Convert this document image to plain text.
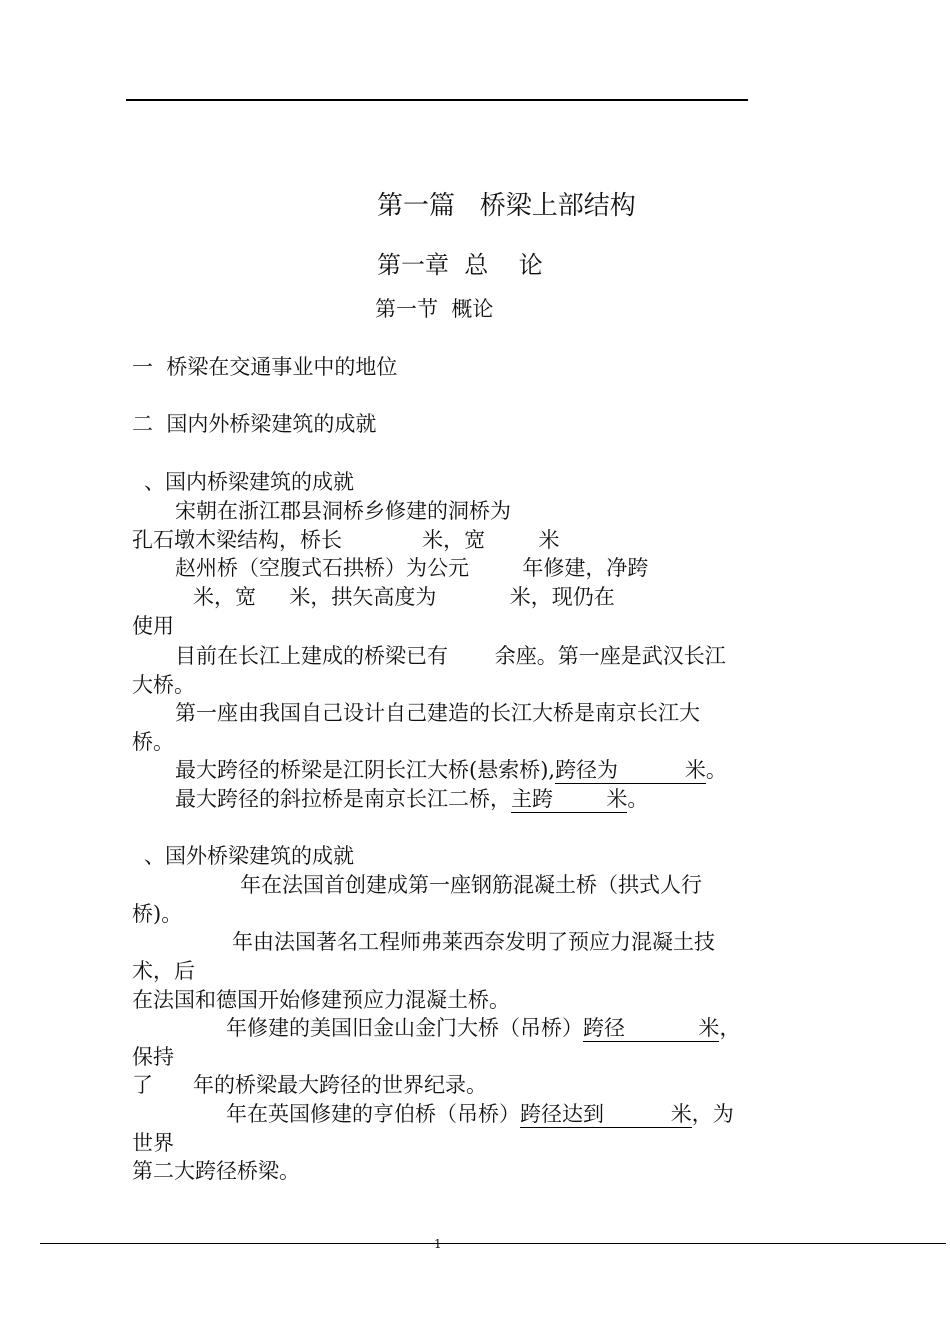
第一篇   桥梁上部结构
第一章  总    论
第一节  概论
一  桥梁在交通事业中的地位
二  国内外桥梁建筑的成就
、国内桥梁建筑的成就
宋朝在浙江郡县洞桥乡修建的洞桥为
孔石墩木梁结构，桥长            米，宽        米
赵州桥（空腹式石拱桥）为公元        年修建，净跨
米，宽     米，拱矢高度为           米，现仍在
使用
目前在长江上建成的桥梁已有       余座。第一座是武汉长江
大桥。
第一座由我国自己设计自己建造的长江大桥是南京长江大
桥。
最大跨径的桥梁是江阴长江大桥(悬索桥),跨径为          米。
最大跨径的斜拉桥是南京长江二桥，主跨        米。
、国外桥梁建筑的成就
年在法国首创建成第一座钢筋混凝土桥（拱式人行
桥)。
年由法国著名工程师弗莱西奈发明了预应力混凝土技
术，后
在法国和德国开始修建预应力混凝土桥。
年修建的美国旧金山金门大桥（吊桥）跨径           米，
保持
了      年的桥梁最大跨径的世界纪录。
年在英国修建的亨伯桥（吊桥）跨径达到          米，为
世界
第二大跨径桥梁。
1
